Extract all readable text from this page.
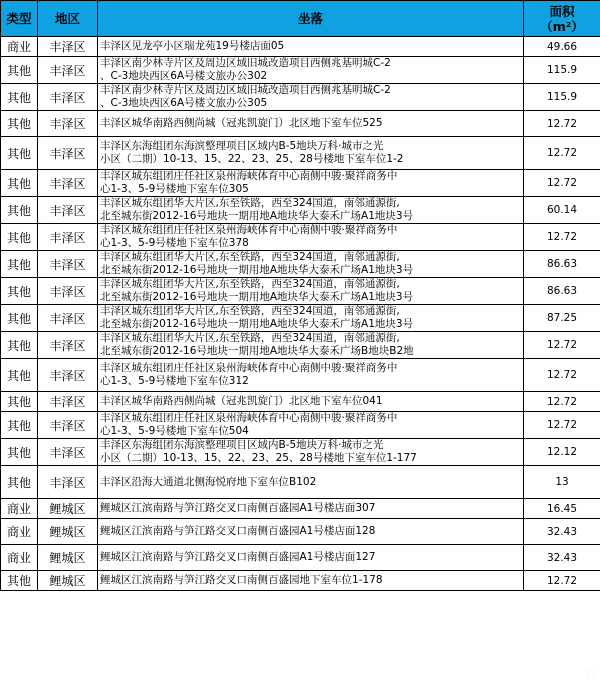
类型	地区	坐落	面积
（m²）
商业	丰泽区	丰泽区见龙亭小区瑞龙苑19号楼店面05	49.66
其他	丰泽区	丰泽区南少林寺片区及周边区域旧城改造项目西侧兆基明城C-2
、C-3地块西区6A号楼文旅办公302	115.9
其他	丰泽区	丰泽区南少林寺片区及周边区域旧城改造项目西侧兆基明城C-2
、C-3地块西区6A号楼文旅办公305	115.9
其他	丰泽区	丰泽区城华南路西侧尚城（冠兆凯旋门）北区地下室车位525	12.72
其他	丰泽区	丰泽区东海组团东海滨整理项目区域内B-5地块万科·城市之光
小区（二期）10-13、15、22、23、25、28号楼地下室车位1-2	12.72
其他	丰泽区	丰泽区城东组团庄任社区泉州海峡体育中心南侧中骏·聚祥商务中
心1-3、5-9号楼地下室车位305	12.72
其他	丰泽区	丰泽区城东组团华大片区,东至铁路，西至324国道，南邻通源街,
北至城东街2012-16号地块一期用地A地块华大泰禾广场A1地块3号	60.14
其他	丰泽区	丰泽区城东组团庄任社区泉州海峡体育中心南侧中骏·聚祥商务中
心1-3、5-9号楼地下室车位378	12.72
其他	丰泽区	丰泽区城东组团华大片区,东至铁路，西至324国道，南邻通源街,
北至城东街2012-16号地块一期用地A地块华大泰禾广场A1地块3号	86.63
其他	丰泽区	丰泽区城东组团华大片区,东至铁路，西至324国道，南邻通源街,
北至城东街2012-16号地块一期用地A地块华大泰禾广场A1地块3号	86.63
其他	丰泽区	丰泽区城东组团华大片区,东至铁路，西至324国道，南邻通源街,
北至城东街2012-16号地块一期用地A地块华大泰禾广场A1地块3号	87.25
其他	丰泽区	丰泽区城东组团华大片区,东至铁路，西至324国道，南邻通源街,
北至城东街2012-16号地块一期用地A地块华大泰禾广场B地块B2地	12.72
其他	丰泽区	丰泽区城东组团庄任社区泉州海峡体育中心南侧中骏·聚祥商务中
心1-3、5-9号楼地下室车位312	12.72
其他	丰泽区	丰泽区城华南路西侧尚城（冠兆凯旋门）北区地下室车位041	12.72
其他	丰泽区	丰泽区城东组团庄任社区泉州海峡体育中心南侧中骏·聚祥商务中
心1-3、5-9号楼地下室车位504	12.72
其他	丰泽区	丰泽区东海组团东海滨整理项目区域内B-5地块万科·城市之光
小区（二期）10-13、15、22、23、25、28号楼地下室车位1-177	12.12
其他	丰泽区	丰泽区沿海大通道北侧海悦府地下室车位B102	13
商业	鲤城区	鲤城区江滨南路与笋江路交叉口南侧百盛园A1号楼店面307	16.45
商业	鲤城区	鲤城区江滨南路与笋江路交叉口南侧百盛园A1号楼店面128	32.43
商业	鲤城区	鲤城区江滨南路与笋江路交叉口南侧百盛园A1号楼店面127	32.43
其他	鲤城区	鲤城区江滨南路与笋江路交叉口南侧百盛园地下室车位1-178	12.72
◌
